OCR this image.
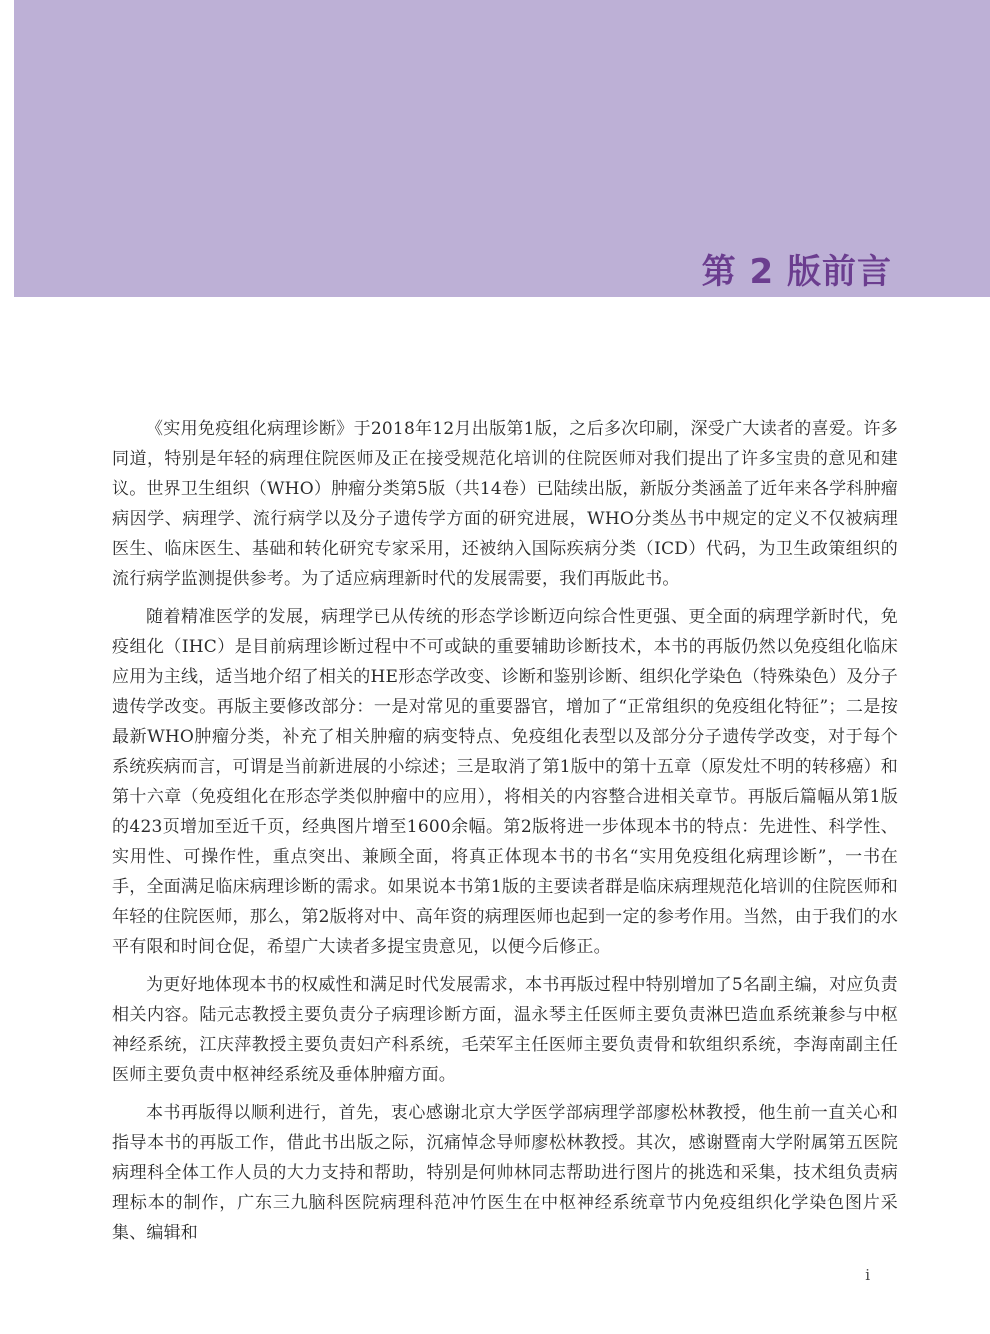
第 2 版前言

《实用免疫组化病理诊断》于2018年12月出版第1版，之后多次印刷，深受广大读者的喜爱。许多同道，特别是年轻的病理住院医师及正在接受规范化培训的住院医师对我们提出了许多宝贵的意见和建议。世界卫生组织（WHO）肿瘤分类第5版（共14卷）已陆续出版，新版分类涵盖了近年来各学科肿瘤病因学、病理学、流行病学以及分子遗传学方面的研究进展，WHO分类丛书中规定的定义不仅被病理医生、临床医生、基础和转化研究专家采用，还被纳入国际疾病分类（ICD）代码，为卫生政策组织的流行病学监测提供参考。为了适应病理新时代的发展需要，我们再版此书。

随着精准医学的发展，病理学已从传统的形态学诊断迈向综合性更强、更全面的病理学新时代，免疫组化（IHC）是目前病理诊断过程中不可或缺的重要辅助诊断技术，本书的再版仍然以免疫组化临床应用为主线，适当地介绍了相关的HE形态学改变、诊断和鉴别诊断、组织化学染色（特殊染色）及分子遗传学改变。再版主要修改部分：一是对常见的重要器官，增加了“正常组织的免疫组化特征”；二是按最新WHO肿瘤分类，补充了相关肿瘤的病变特点、免疫组化表型以及部分分子遗传学改变，对于每个系统疾病而言，可谓是当前新进展的小综述；三是取消了第1版中的第十五章（原发灶不明的转移癌）和第十六章（免疫组化在形态学类似肿瘤中的应用），将相关的内容整合进相关章节。再版后篇幅从第1版的423页增加至近千页，经典图片增至1600余幅。第2版将进一步体现本书的特点：先进性、科学性、实用性、可操作性，重点突出、兼顾全面，将真正体现本书的书名“实用免疫组化病理诊断”，一书在手，全面满足临床病理诊断的需求。如果说本书第1版的主要读者群是临床病理规范化培训的住院医师和年轻的住院医师，那么，第2版将对中、高年资的病理医师也起到一定的参考作用。当然，由于我们的水平有限和时间仓促，希望广大读者多提宝贵意见，以便今后修正。

为更好地体现本书的权威性和满足时代发展需求，本书再版过程中特别增加了5名副主编，对应负责相关内容。陆元志教授主要负责分子病理诊断方面，温永琴主任医师主要负责淋巴造血系统兼参与中枢神经系统，江庆萍教授主要负责妇产科系统，毛荣军主任医师主要负责骨和软组织系统，李海南副主任医师主要负责中枢神经系统及垂体肿瘤方面。

本书再版得以顺利进行，首先，衷心感谢北京大学医学部病理学部廖松林教授，他生前一直关心和指导本书的再版工作，借此书出版之际，沉痛悼念导师廖松林教授。其次，感谢暨南大学附属第五医院病理科全体工作人员的大力支持和帮助，特别是何帅林同志帮助进行图片的挑选和采集，技术组负责病理标本的制作，广东三九脑科医院病理科范冲竹医生在中枢神经系统章节内免疫组织化学染色图片采集、编辑和

i
